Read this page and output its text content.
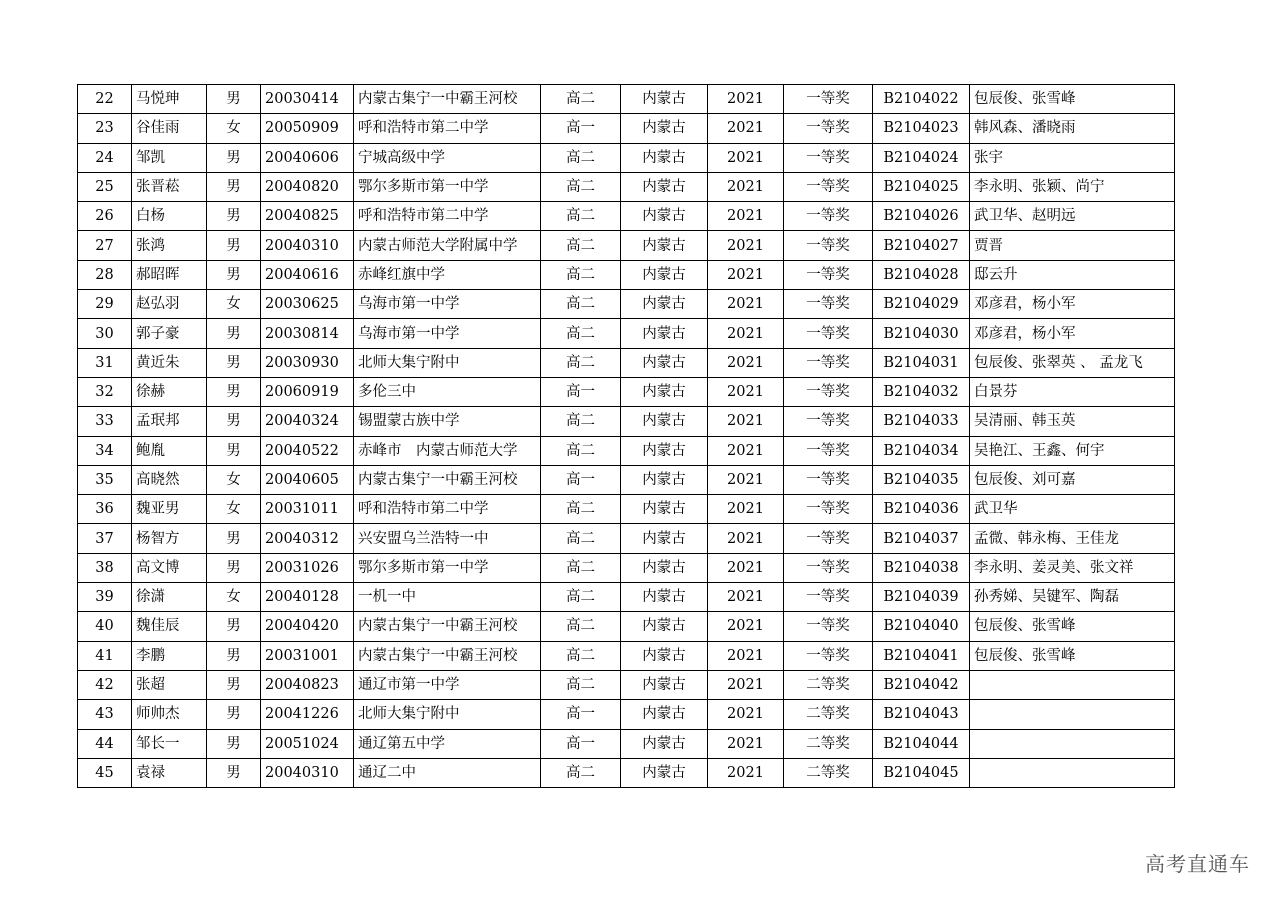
22	马悦珅	男	20030414	内蒙古集宁一中霸王河校	高二	内蒙古	2021	一等奖	B2104022	包辰俊、张雪峰
23	谷佳雨	女	20050909	呼和浩特市第二中学	高一	内蒙古	2021	一等奖	B2104023	韩风森、潘晓雨
24	邹凯	男	20040606	宁城高级中学	高二	内蒙古	2021	一等奖	B2104024	张宇
25	张晋菘	男	20040820	鄂尔多斯市第一中学	高二	内蒙古	2021	一等奖	B2104025	李永明、张颖、尚宁
26	白杨	男	20040825	呼和浩特市第二中学	高二	内蒙古	2021	一等奖	B2104026	武卫华、赵明远
27	张鸿	男	20040310	内蒙古师范大学附属中学	高二	内蒙古	2021	一等奖	B2104027	贾晋
28	郝昭晖	男	20040616	赤峰红旗中学	高二	内蒙古	2021	一等奖	B2104028	邸云升
29	赵弘羽	女	20030625	乌海市第一中学	高二	内蒙古	2021	一等奖	B2104029	邓彦君，杨小军
30	郭子豪	男	20030814	乌海市第一中学	高二	内蒙古	2021	一等奖	B2104030	邓彦君，杨小军
31	黄近朱	男	20030930	北师大集宁附中	高二	内蒙古	2021	一等奖	B2104031	包辰俊、张翠英 、 孟龙飞
32	徐赫	男	20060919	多伦三中	高一	内蒙古	2021	一等奖	B2104032	白景芬
33	孟珉邦	男	20040324	锡盟蒙古族中学	高二	内蒙古	2021	一等奖	B2104033	吴清丽、韩玉英
34	鲍胤	男	20040522	赤峰市　内蒙古师范大学	高二	内蒙古	2021	一等奖	B2104034	吴艳江、王鑫、何宇
35	高晓然	女	20040605	内蒙古集宁一中霸王河校	高一	内蒙古	2021	一等奖	B2104035	包辰俊、刘可嘉
36	魏亚男	女	20031011	呼和浩特市第二中学	高二	内蒙古	2021	一等奖	B2104036	武卫华
37	杨智方	男	20040312	兴安盟乌兰浩特一中	高二	内蒙古	2021	一等奖	B2104037	孟微、韩永梅、王佳龙
38	高文博	男	20031026	鄂尔多斯市第一中学	高二	内蒙古	2021	一等奖	B2104038	李永明、姜灵美、张文祥
39	徐潇	女	20040128	一机一中	高二	内蒙古	2021	一等奖	B2104039	孙秀娣、吴键军、陶磊
40	魏佳辰	男	20040420	内蒙古集宁一中霸王河校	高二	内蒙古	2021	一等奖	B2104040	包辰俊、张雪峰
41	李鹏	男	20031001	内蒙古集宁一中霸王河校	高二	内蒙古	2021	一等奖	B2104041	包辰俊、张雪峰
42	张超	男	20040823	通辽市第一中学	高二	内蒙古	2021	二等奖	B2104042	
43	师帅杰	男	20041226	北师大集宁附中	高一	内蒙古	2021	二等奖	B2104043	
44	邹长一	男	20051024	通辽第五中学	高一	内蒙古	2021	二等奖	B2104044	
45	袁禄	男	20040310	通辽二中	高二	内蒙古	2021	二等奖	B2104045	
高考直通车
